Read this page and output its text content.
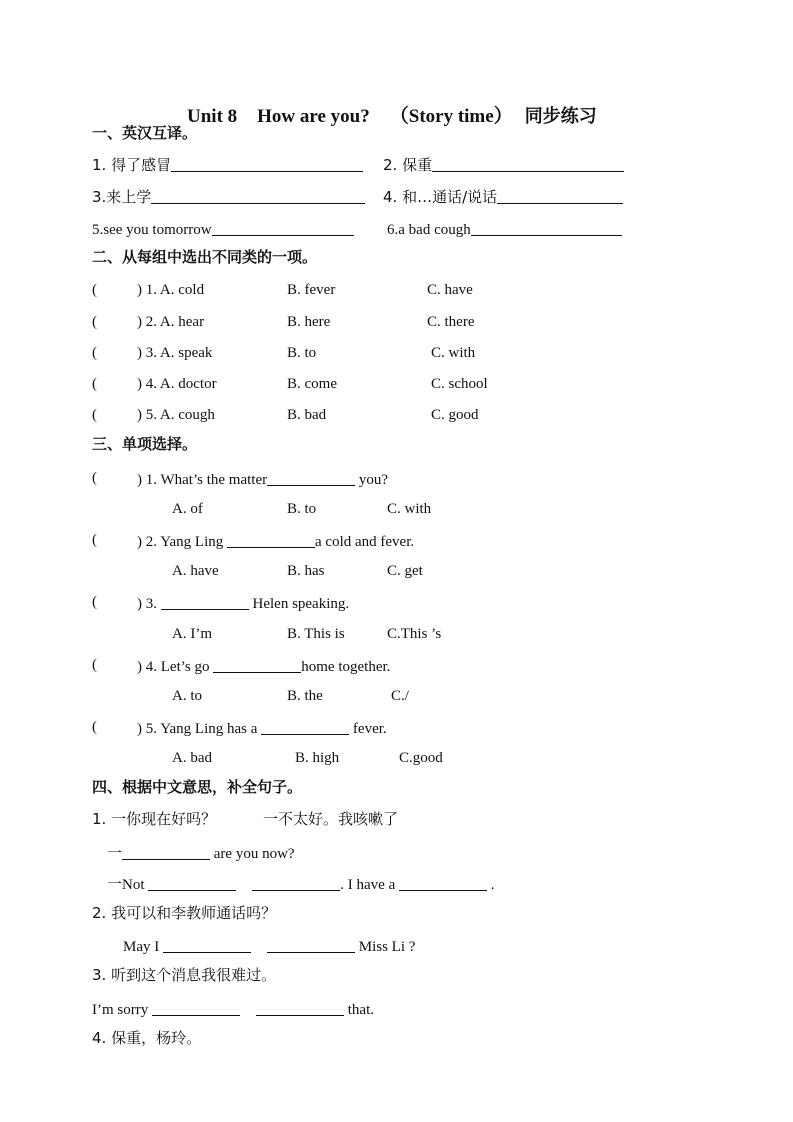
Unit 8 How are you? （Story time） 同步练习

一、英汉互译。
1. 得了感冒	2. 保重
3.来上学	4. 和…通话/说话
5.see you tomorrow	6.a bad cough
二、从每组中选出不同类的一项。
(	) 1. A. cold	B. fever	C. have
(	) 2. A. hear	B. here	C. there
(	) 3. A. speak	B. to	C. with
(	) 4. A. doctor	B. come	C. school
(	) 5. A. cough	B. bad	C. good
三、单项选择。
(	) 1. What’s the matter	you?
A. of	B. to	C. with
(	) 2. Yang Ling	a cold and fever.
A. have	B. has	C. get
(	) 3.	Helen speaking.
A. I’m	B. This is	C.This ’s
(	) 4. Let’s go	home together.
A. to	B. the	C./
(	) 5. Yang Ling has a	fever.
A. bad	B. high	C.good
四、根据中文意思，补全句子。
1. 一你现在好吗？	一不太好。我咳嗽了
一	are you now?
一Not	. I have a	.
2. 我可以和李教师通话吗？
May I	Miss Li ?
3. 听到这个消息我很难过。
I’m sorry	that.
4. 保重，杨玲。
